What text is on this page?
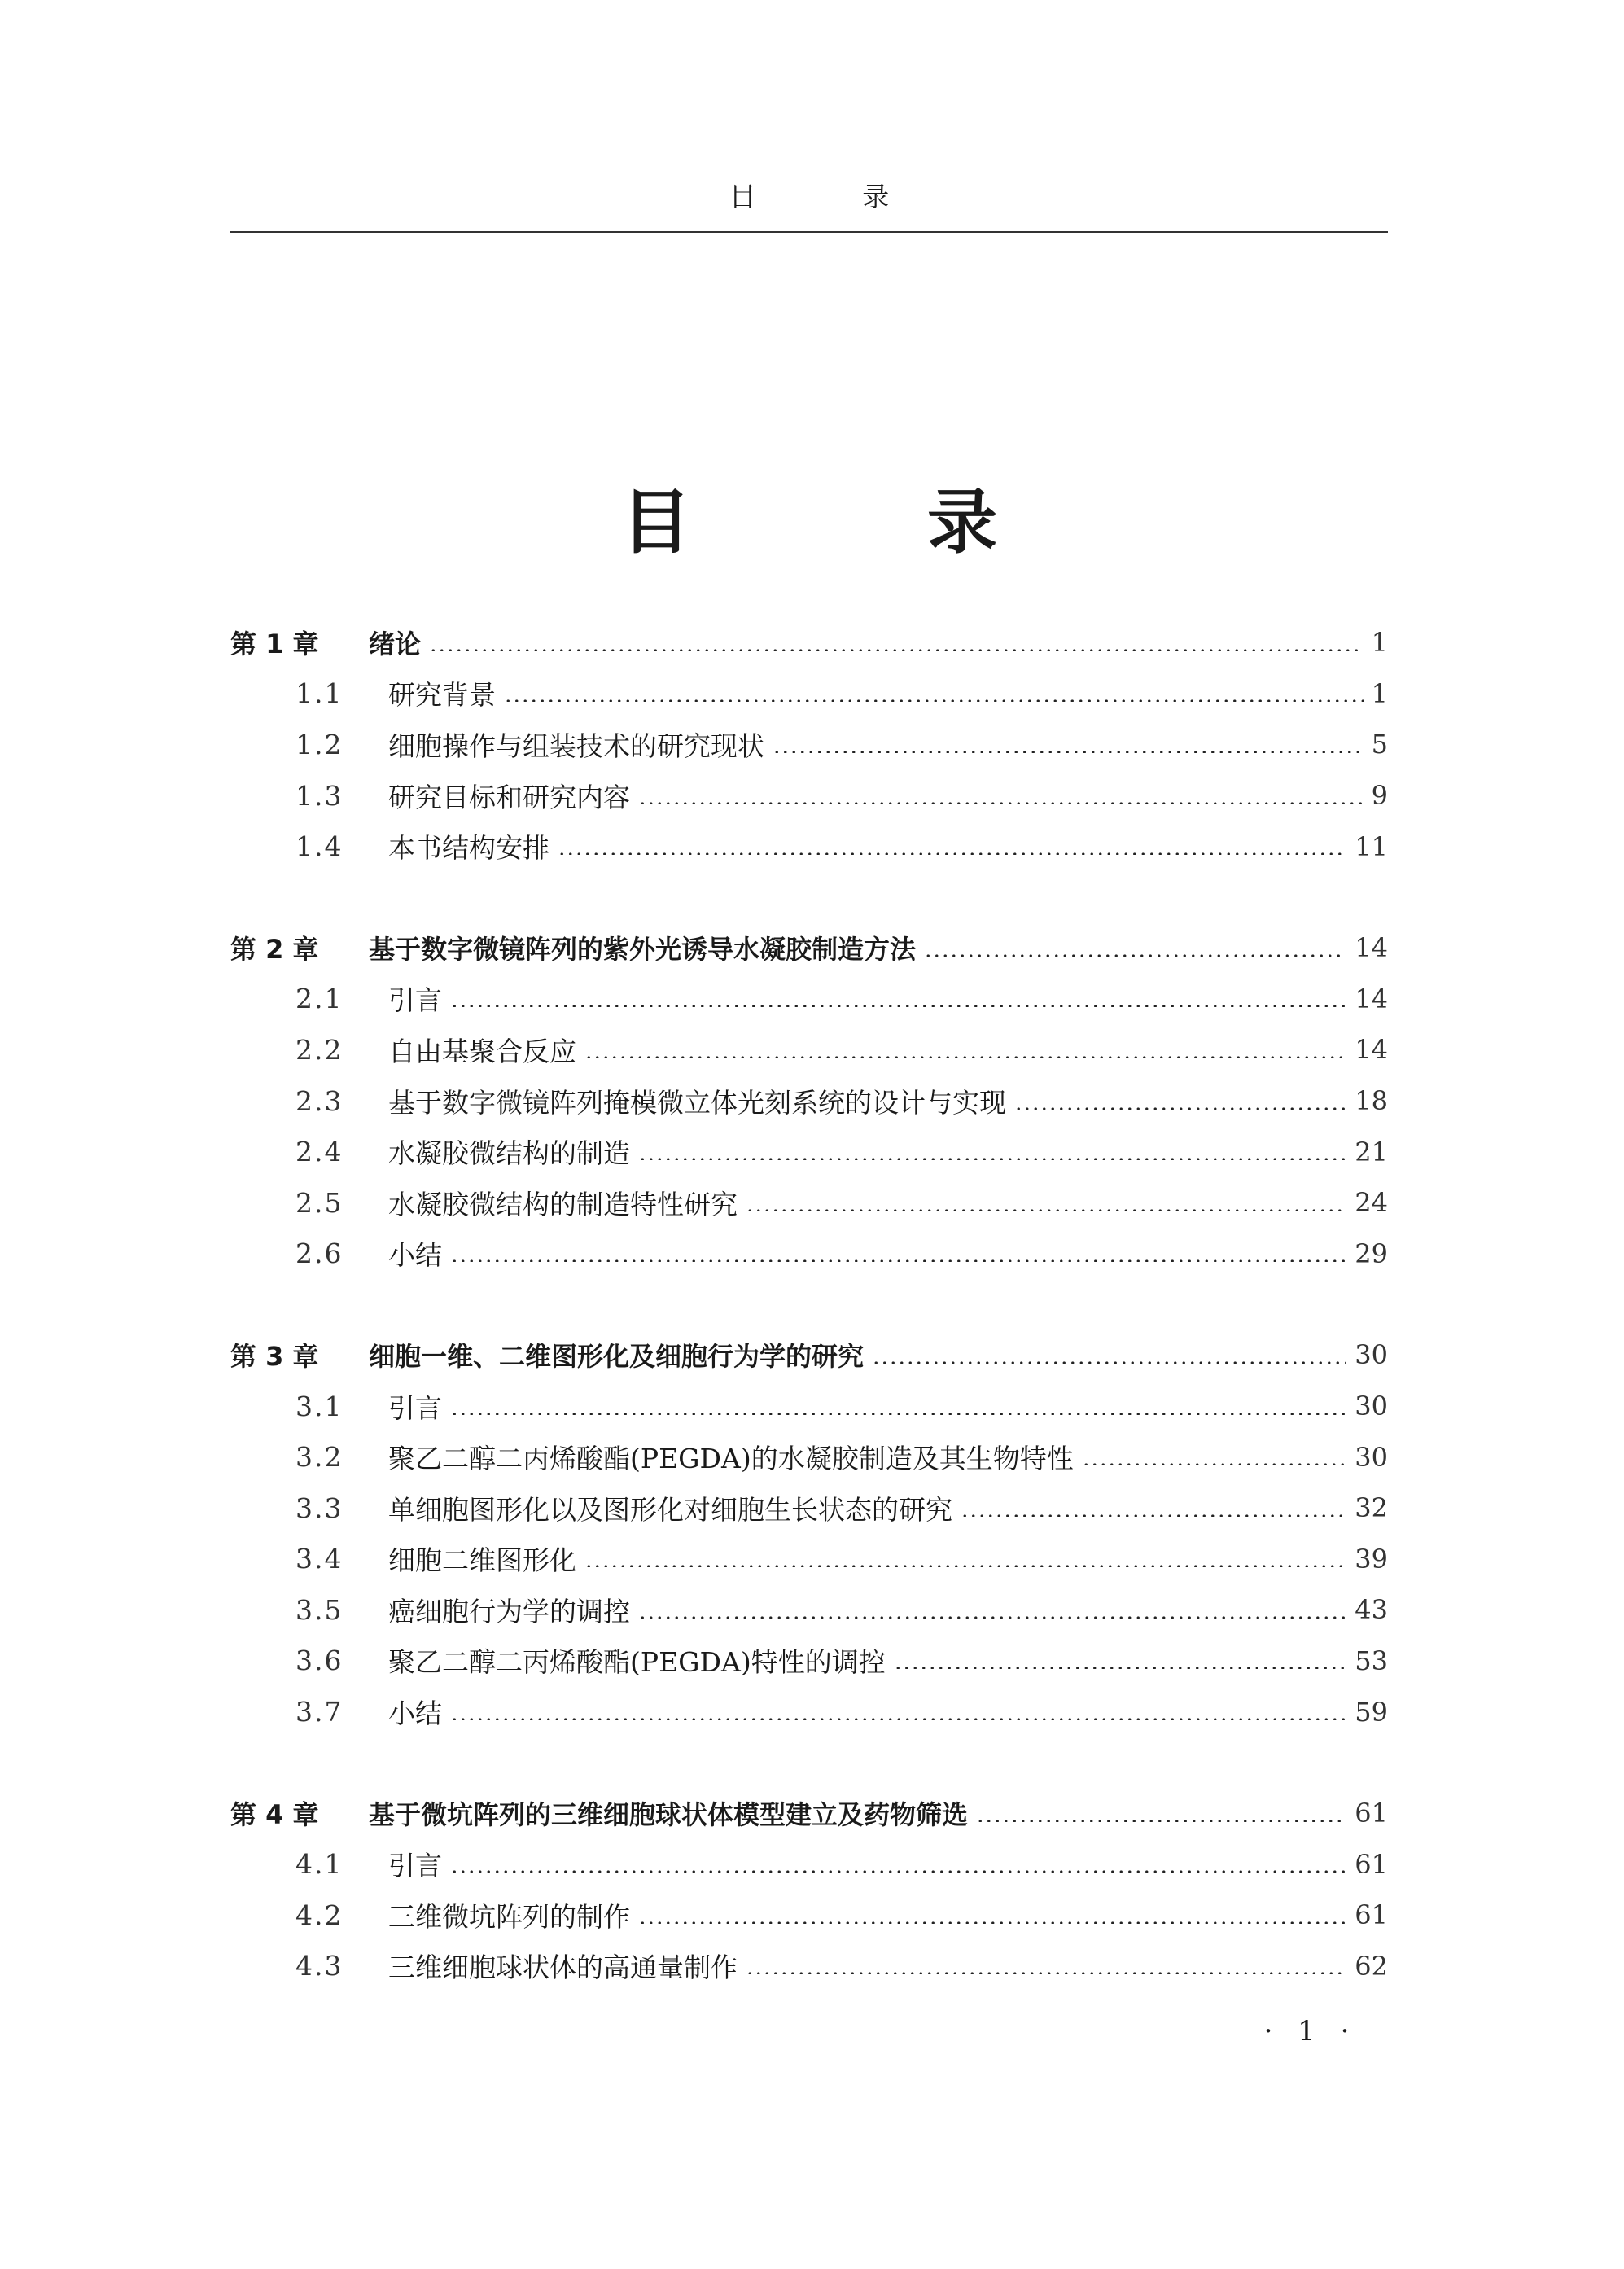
目 录
目 录
第 1 章	绪论	1
1.1	研究背景	1
1.2	细胞操作与组装技术的研究现状	5
1.3	研究目标和研究内容	9
1.4	本书结构安排	11
第 2 章	基于数字微镜阵列的紫外光诱导水凝胶制造方法	14
2.1	引言	14
2.2	自由基聚合反应	14
2.3	基于数字微镜阵列掩模微立体光刻系统的设计与实现	18
2.4	水凝胶微结构的制造	21
2.5	水凝胶微结构的制造特性研究	24
2.6	小结	29
第 3 章	细胞一维、二维图形化及细胞行为学的研究	30
3.1	引言	30
3.2	聚乙二醇二丙烯酸酯(PEGDA)的水凝胶制造及其生物特性	30
3.3	单细胞图形化以及图形化对细胞生长状态的研究	32
3.4	细胞二维图形化	39
3.5	癌细胞行为学的调控	43
3.6	聚乙二醇二丙烯酸酯(PEGDA)特性的调控	53
3.7	小结	59
第 4 章	基于微坑阵列的三维细胞球状体模型建立及药物筛选	61
4.1	引言	61
4.2	三维微坑阵列的制作	61
4.3	三维细胞球状体的高通量制作	62
· 1 ·
